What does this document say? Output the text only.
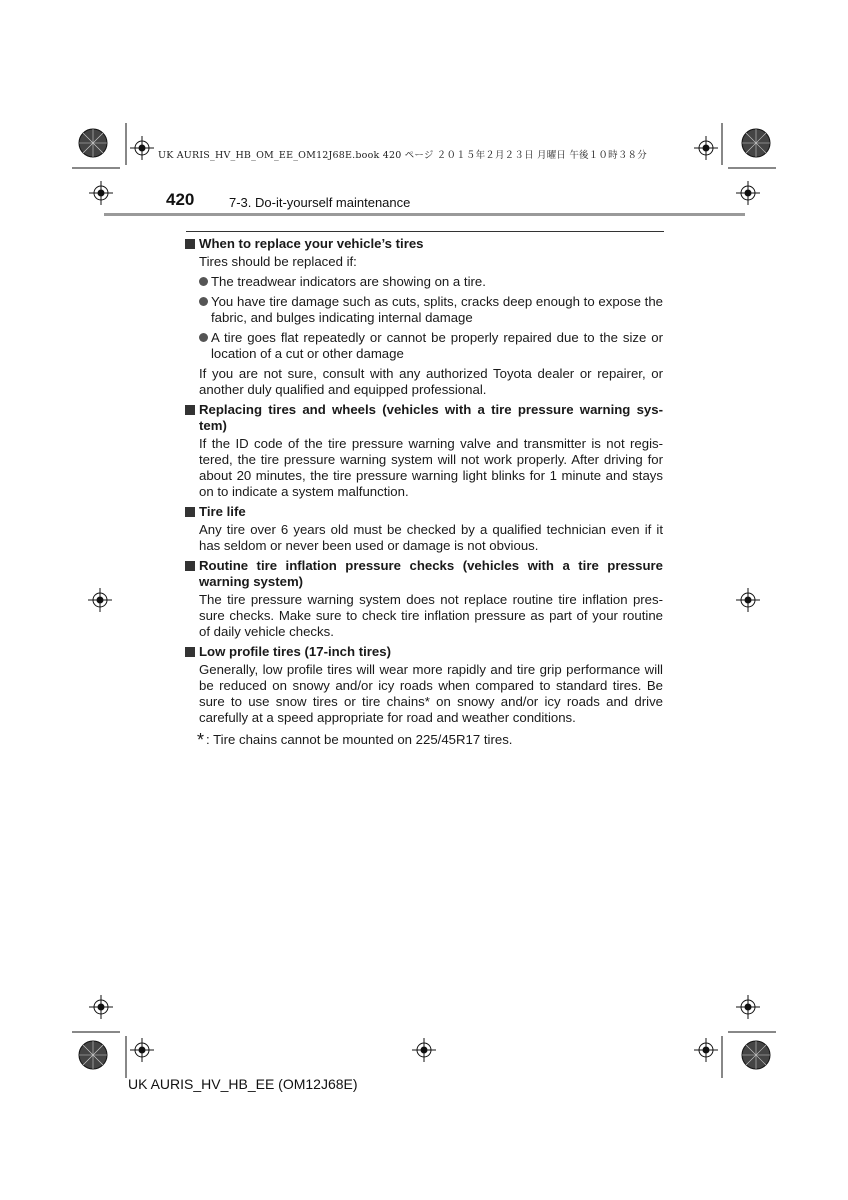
UK AURIS_HV_HB_OM_EE_OM12J68E.book 420 ページ ２０１５年２月２３日 月曜日 午後１０時３８分
420	7-3. Do-it-yourself maintenance
When to replace your vehicle’s tires
Tires should be replaced if:
The treadwear indicators are showing on a tire.
You have tire damage such as cuts, splits, cracks deep enough to expose the fabric, and bulges indicating internal damage
A tire goes flat repeatedly or cannot be properly repaired due to the size or location of a cut or other damage
If you are not sure, consult with any authorized Toyota dealer or repairer, or another duly qualified and equipped professional.
Replacing tires and wheels (vehicles with a tire pressure warning sys-tem)
If the ID code of the tire pressure warning valve and transmitter is not regis-tered, the tire pressure warning system will not work properly. After driving for about 20 minutes, the tire pressure warning light blinks for 1 minute and stays on to indicate a system malfunction.
Tire life
Any tire over 6 years old must be checked by a qualified technician even if it has seldom or never been used or damage is not obvious.
Routine tire inflation pressure checks (vehicles with a tire pressure warning system)
The tire pressure warning system does not replace routine tire inflation pres-sure checks. Make sure to check tire inflation pressure as part of your routine of daily vehicle checks.
Low profile tires (17-inch tires)
Generally, low profile tires will wear more rapidly and tire grip performance will be reduced on snowy and/or icy roads when compared to standard tires. Be sure to use snow tires or tire chains* on snowy and/or icy roads and drive carefully at a speed appropriate for road and weather conditions.
* : Tire chains cannot be mounted on 225/45R17 tires.
UK AURIS_HV_HB_EE (OM12J68E)
